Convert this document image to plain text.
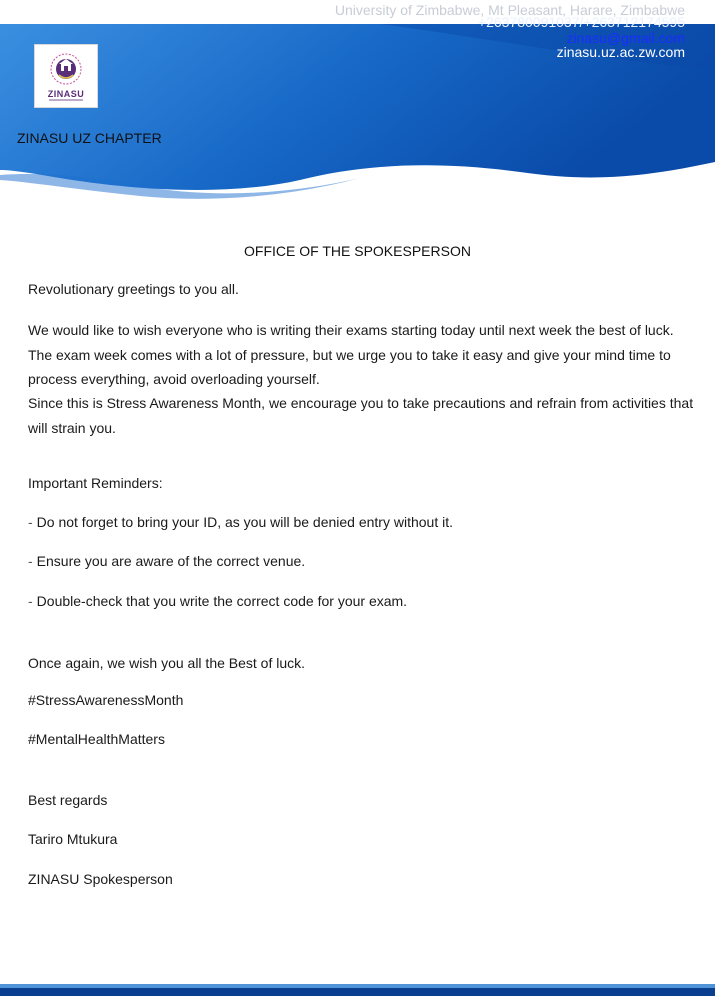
University of Zimbabwe, Mt Pleasant, Harare, Zimbabwe
+263780091037/+263712174595
zinasu@gmail.com
zinasu.uz.ac.zw.com
ZINASU
ZINASU UZ CHAPTER
OFFICE OF THE SPOKESPERSON
Revolutionary greetings to you all.
We would like to wish everyone who is writing their exams starting today until next week the best of luck. The exam week comes with a lot of pressure, but we urge you to take it easy and give your mind time to process everything, avoid overloading yourself.
Since this is Stress Awareness Month, we encourage you to take precautions and refrain from activities that will strain you.
Important Reminders:
- Do not forget to bring your ID, as you will be denied entry without it.
- Ensure you are aware of the correct venue.
- Double-check that you write the correct code for your exam.
Once again, we wish you all the Best of luck.
#StressAwarenessMonth
#MentalHealthMatters
Best regards
Tariro Mtukura
ZINASU Spokesperson
